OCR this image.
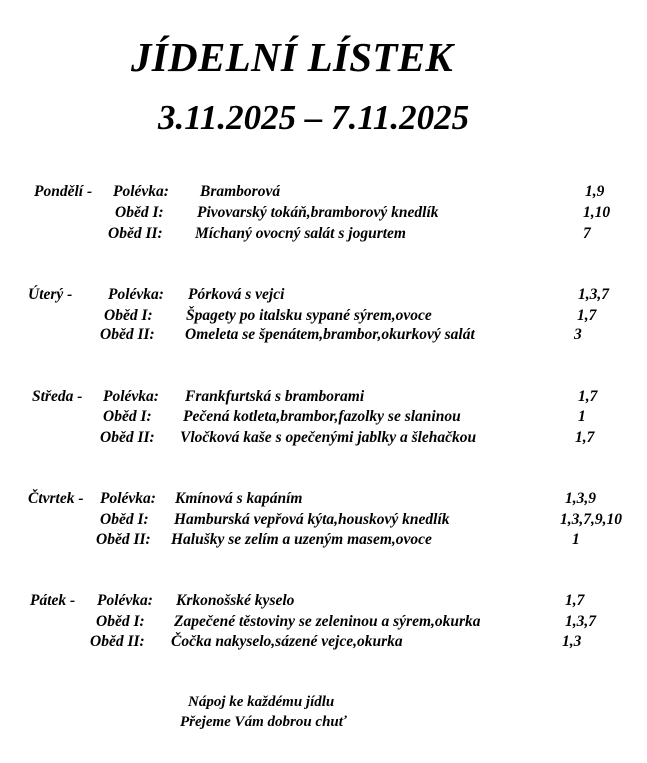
JÍDELNÍ LÍSTEK
3.11.2025 – 7.11.2025
Pondělí - Polévka: Bramborová	1,9
Oběd I: Pivovarský tokáň,bramborový knedlík	1,10
Oběd II: Míchaný ovocný salát s jogurtem	7
Úterý - Polévka: Pórková s vejci	1,3,7
Oběd I: Špagety po italsku sypané sýrem,ovoce	1,7
Oběd II: Omeleta se špenátem,brambor,okurkový salát	3
Středa - Polévka: Frankfurtská s bramborami	1,7
Oběd I: Pečená kotleta,brambor,fazolky se slaninou	1
Oběd II: Vločková kaše s opečenými jablky a šlehačkou	1,7
Čtvrtek - Polévka: Kmínová s kapáním	1,3,9
Oběd I: Hamburská vepřová kýta,houskový knedlík	1,3,7,9,10
Oběd II: Halušky se zelím a uzeným masem,ovoce	1
Pátek - Polévka: Krkonošské kyselo	1,7
Oběd I: Zapečené těstoviny se zeleninou a sýrem,okurka	1,3,7
Oběd II: Čočka nakyselo,sázené vejce,okurka	1,3
Nápoj ke každému jídlu
Přejeme Vám dobrou chuť
